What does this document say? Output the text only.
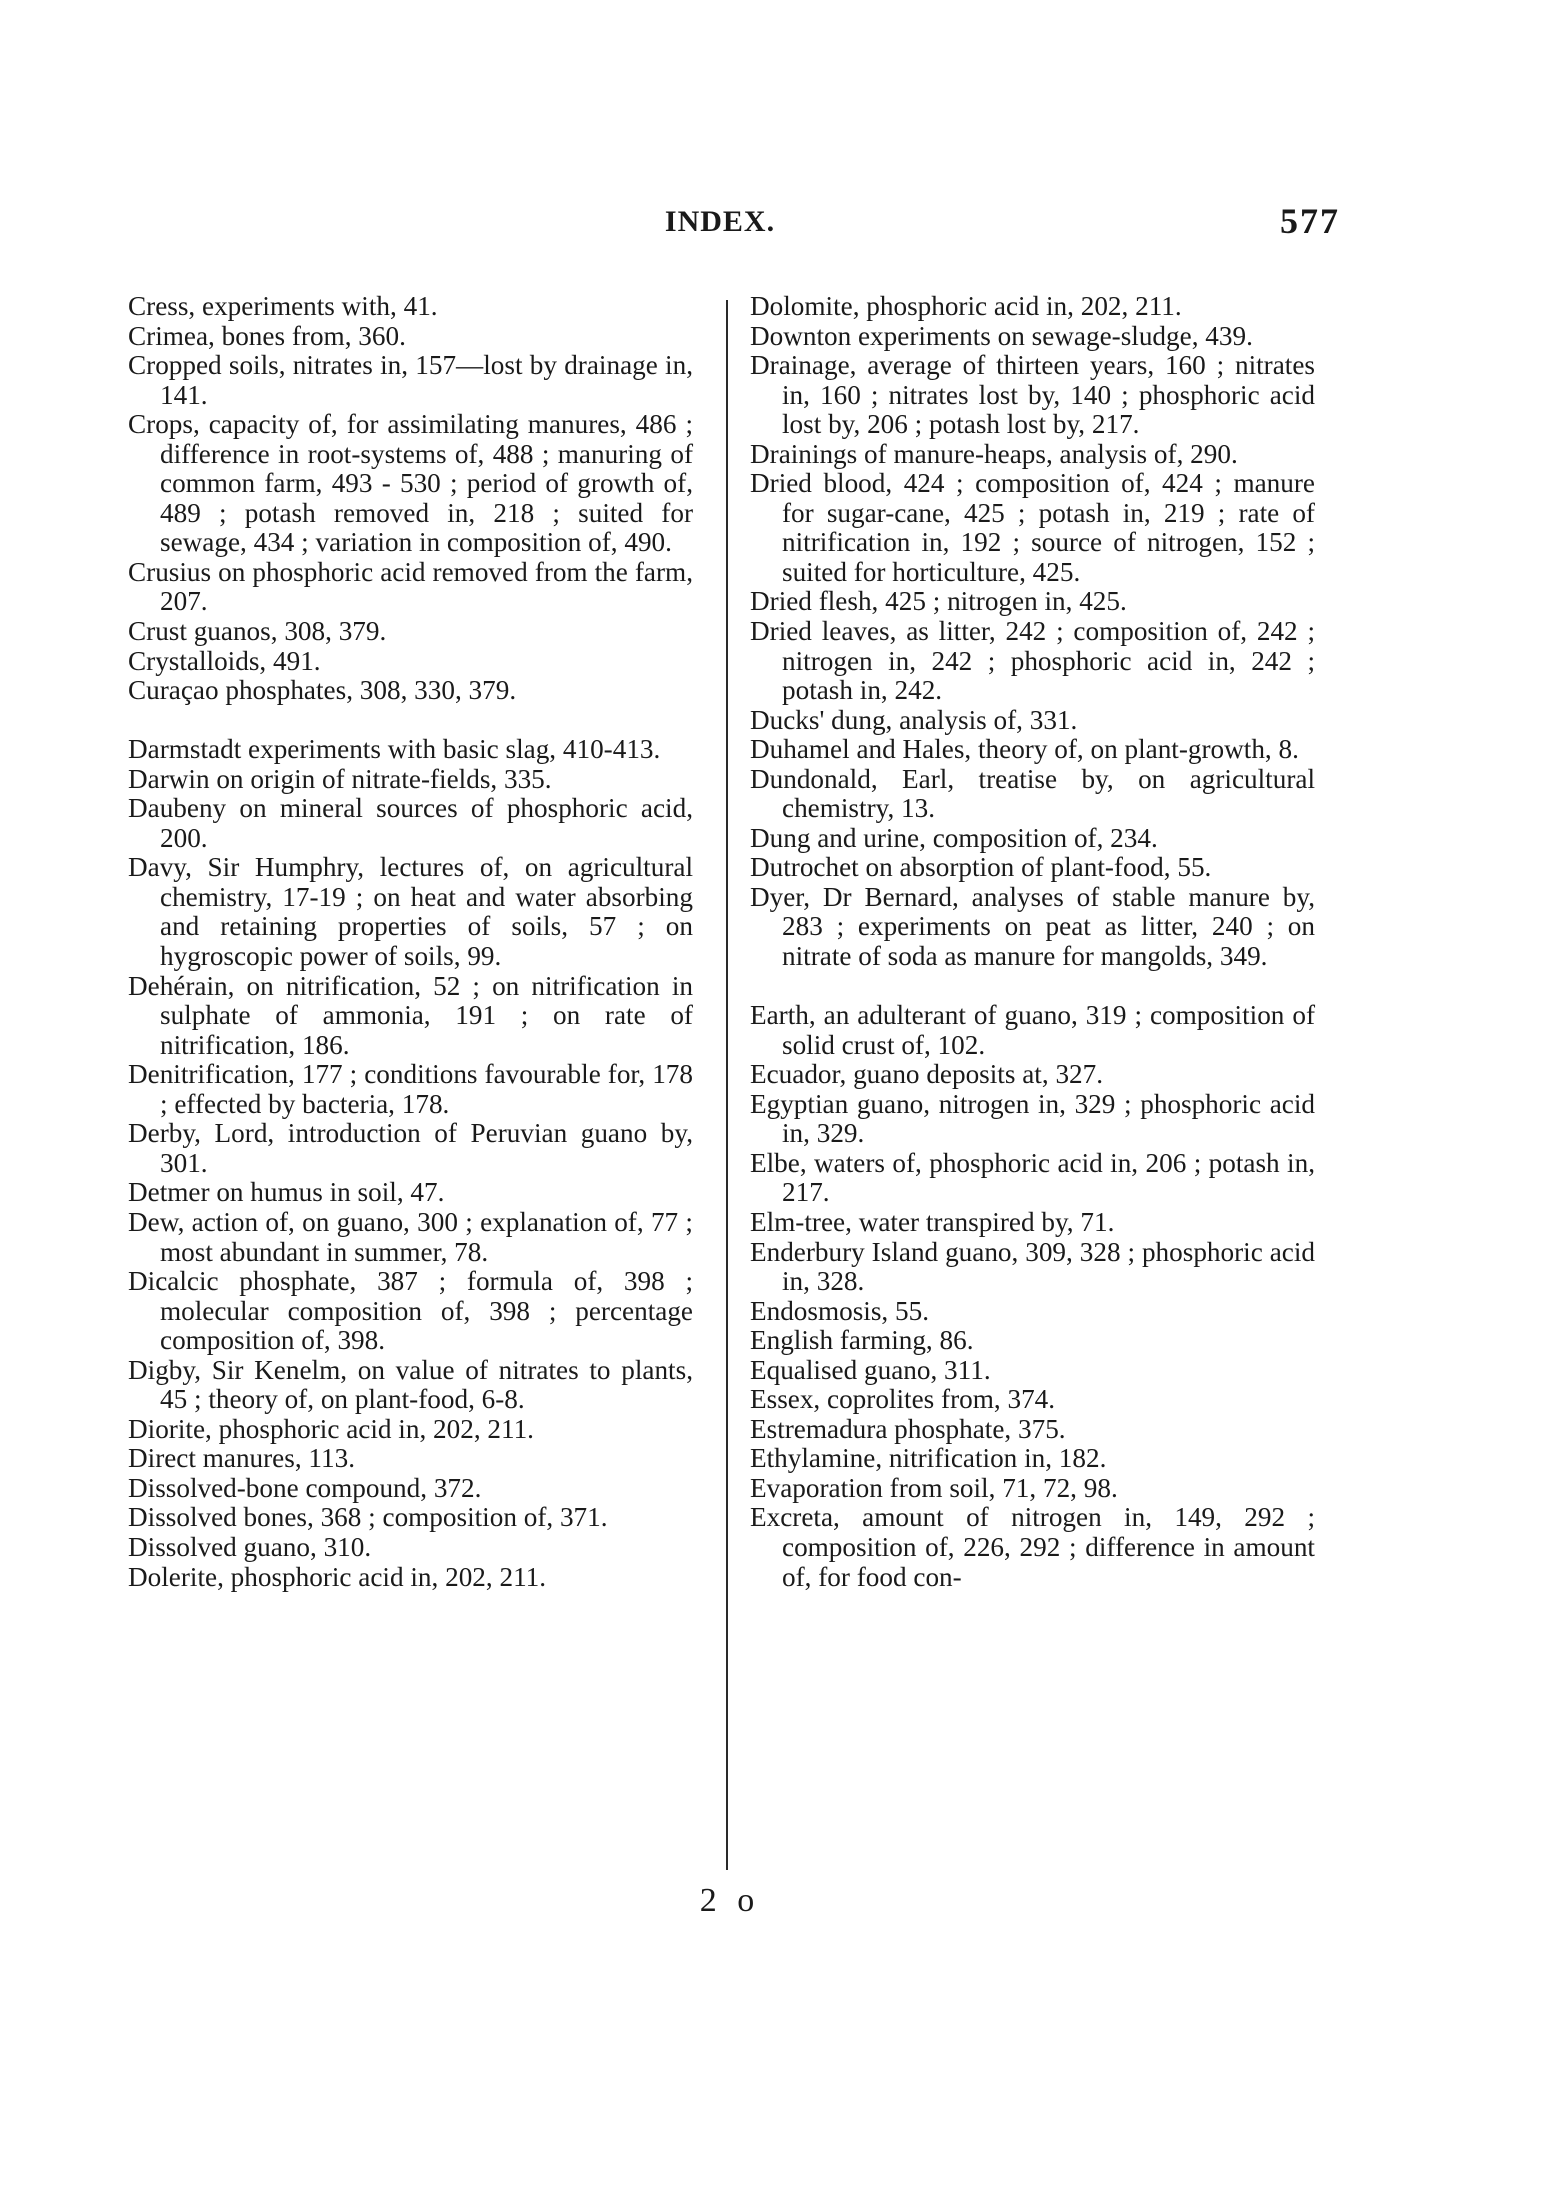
INDEX.	577
Cress, experiments with, 41.
Crimea, bones from, 360.
Cropped soils, nitrates in, 157—lost by drainage in, 141.
Crops, capacity of, for assimilating manures, 486 ; difference in root-systems of, 488 ; manuring of common farm, 493 - 530 ; period of growth of, 489 ; potash removed in, 218 ; suited for sewage, 434 ; variation in composition of, 490.
Crusius on phosphoric acid removed from the farm, 207.
Crust guanos, 308, 379.
Crystalloids, 491.
Curaçao phosphates, 308, 330, 379.
Darmstadt experiments with basic slag, 410-413.
Darwin on origin of nitrate-fields, 335.
Daubeny on mineral sources of phosphoric acid, 200.
Davy, Sir Humphry, lectures of, on agricultural chemistry, 17-19 ; on heat and water absorbing and retaining properties of soils, 57 ; on hygroscopic power of soils, 99.
Dehérain, on nitrification, 52 ; on nitrification in sulphate of ammonia, 191 ; on rate of nitrification, 186.
Denitrification, 177 ; conditions favourable for, 178 ; effected by bacteria, 178.
Derby, Lord, introduction of Peruvian guano by, 301.
Detmer on humus in soil, 47.
Dew, action of, on guano, 300 ; explanation of, 77 ; most abundant in summer, 78.
Dicalcic phosphate, 387 ; formula of, 398 ; molecular composition of, 398 ; percentage composition of, 398.
Digby, Sir Kenelm, on value of nitrates to plants, 45 ; theory of, on plant-food, 6-8.
Diorite, phosphoric acid in, 202, 211.
Direct manures, 113.
Dissolved-bone compound, 372.
Dissolved bones, 368 ; composition of, 371.
Dissolved guano, 310.
Dolerite, phosphoric acid in, 202, 211.
Dolomite, phosphoric acid in, 202, 211.
Downton experiments on sewage-sludge, 439.
Drainage, average of thirteen years, 160 ; nitrates in, 160 ; nitrates lost by, 140 ; phosphoric acid lost by, 206 ; potash lost by, 217.
Drainings of manure-heaps, analysis of, 290.
Dried blood, 424 ; composition of, 424 ; manure for sugar-cane, 425 ; potash in, 219 ; rate of nitrification in, 192 ; source of nitrogen, 152 ; suited for horticulture, 425.
Dried flesh, 425 ; nitrogen in, 425.
Dried leaves, as litter, 242 ; composition of, 242 ; nitrogen in, 242 ; phosphoric acid in, 242 ; potash in, 242.
Ducks' dung, analysis of, 331.
Duhamel and Hales, theory of, on plant-growth, 8.
Dundonald, Earl, treatise by, on agricultural chemistry, 13.
Dung and urine, composition of, 234.
Dutrochet on absorption of plant-food, 55.
Dyer, Dr Bernard, analyses of stable manure by, 283 ; experiments on peat as litter, 240 ; on nitrate of soda as manure for mangolds, 349.
Earth, an adulterant of guano, 319 ; composition of solid crust of, 102.
Ecuador, guano deposits at, 327.
Egyptian guano, nitrogen in, 329 ; phosphoric acid in, 329.
Elbe, waters of, phosphoric acid in, 206 ; potash in, 217.
Elm-tree, water transpired by, 71.
Enderbury Island guano, 309, 328 ; phosphoric acid in, 328.
Endosmosis, 55.
English farming, 86.
Equalised guano, 311.
Essex, coprolites from, 374.
Estremadura phosphate, 375.
Ethylamine, nitrification in, 182.
Evaporation from soil, 71, 72, 98.
Excreta, amount of nitrogen in, 149, 292 ; composition of, 226, 292 ; difference in amount of, for food con-
2 o
